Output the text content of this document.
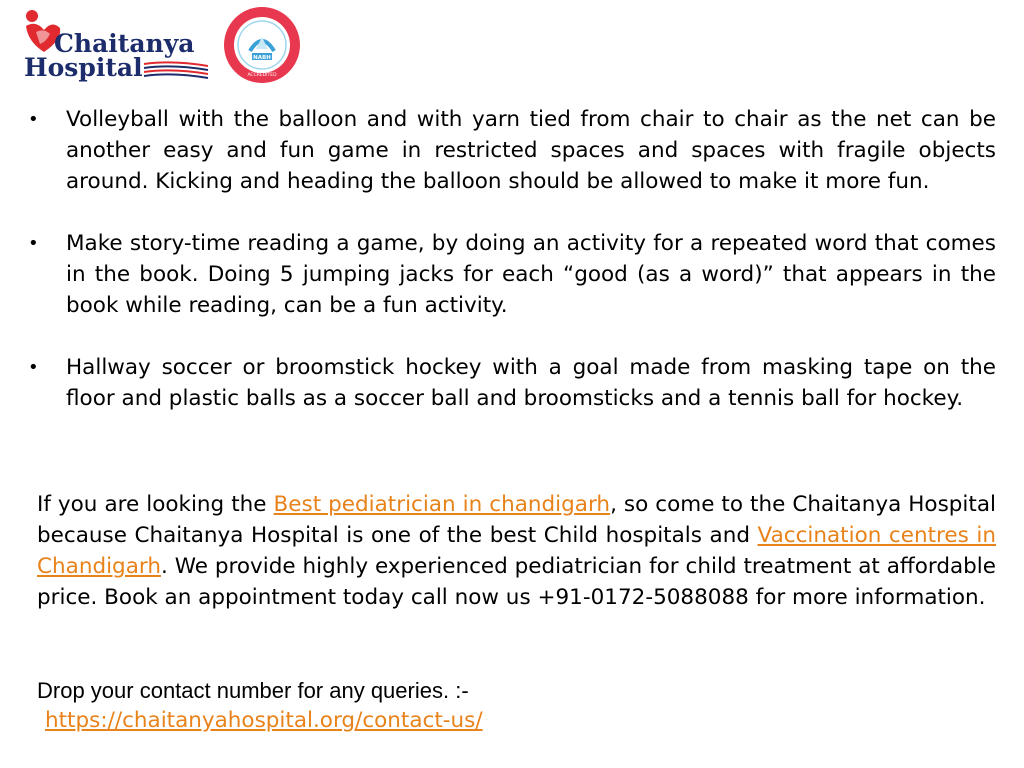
Chaitanya
Hospital	NABH
ACCREDITED
• Volleyball with the balloon and with yarn tied from chair to chair as the net can be another easy and fun game in restricted spaces and spaces with fragile objects around. Kicking and heading the balloon should be allowed to make it more fun.
• Make story-time reading a game, by doing an activity for a repeated word that comes in the book. Doing 5 jumping jacks for each “good (as a word)” that appears in the book while reading, can be a fun activity.
• Hallway soccer or broomstick hockey with a goal made from masking tape on the floor and plastic balls as a soccer ball and broomsticks and a tennis ball for hockey.

If you are looking the Best pediatrician in chandigarh, so come to the Chaitanya Hospital because Chaitanya Hospital is one of the best Child hospitals and Vaccination centres in Chandigarh. We provide highly experienced pediatrician for child treatment at affordable price. Book an appointment today call now us +91-0172-5088088 for more information.

Drop your contact number for any queries. :-

https://chaitanyahospital.org/contact-us/
